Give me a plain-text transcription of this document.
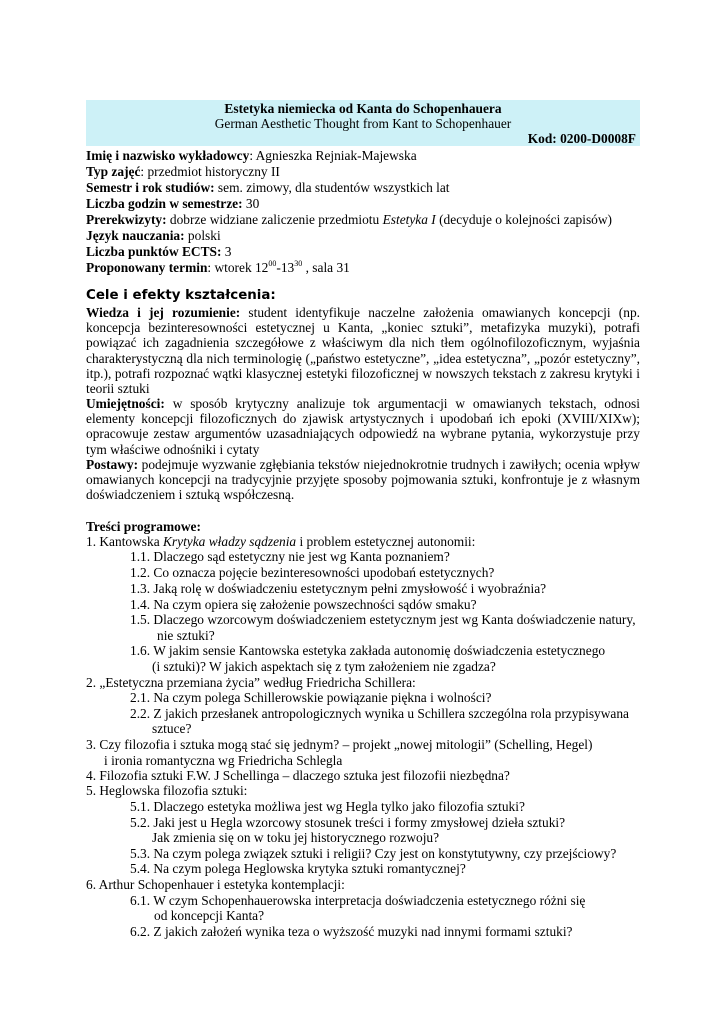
Estetyka niemiecka od Kanta do Schopenhauera
German Aesthetic Thought from Kant to Schopenhauer
Kod: 0200-D0008F
Imię i nazwisko wykładowcy: Agnieszka Rejniak-Majewska
Typ zajęć: przedmiot historyczny II
Semestr i rok studiów: sem. zimowy, dla studentów wszystkich lat
Liczba godzin w semestrze: 30
Prerekwizyty: dobrze widziane zaliczenie przedmiotu Estetyka I (decyduje o kolejności zapisów)
Język nauczania: polski
Liczba punktów ECTS: 3
Proponowany termin: wtorek $12^{00}-13^{30}$ , sala 31
Cele i efekty kształcenia:
Wiedza i jej rozumienie: student identyfikuje naczelne założenia omawianych koncepcji (np. koncepcja bezinteresowności estetycznej u Kanta, „koniec sztuki”, metafizyka muzyki), potrafi powiązać ich zagadnienia szczegółowe z właściwym dla nich tłem ogólnofilozoficznym, wyjaśnia charakterystyczną dla nich terminologię („państwo estetyczne”, „idea estetyczna”, „pozór estetyczny”, itp.), potrafi rozpoznać wątki klasycznej estetyki filozoficznej w nowszych tekstach z zakresu krytyki i teorii sztuki
Umiejętności: w sposób krytyczny analizuje tok argumentacji w omawianych tekstach, odnosi elementy koncepcji filozoficznych do zjawisk artystycznych i upodobań ich epoki (XVIII/XIXw); opracowuje zestaw argumentów uzasadniających odpowiedź na wybrane pytania, wykorzystuje przy tym właściwe odnośniki i cytaty
Postawy: podejmuje wyzwanie zgłębiania tekstów niejednokrotnie trudnych i zawiłych; ocenia wpływ omawianych koncepcji na tradycyjnie przyjęte sposoby pojmowania sztuki, konfrontuje je z własnym doświadczeniem i sztuką współczesną.
Treści programowe:
1. Kantowska Krytyka władzy sądzenia i problem estetycznej autonomii:
1.1. Dlaczego sąd estetyczny nie jest wg Kanta poznaniem?
1.2. Co oznacza pojęcie bezinteresowności upodobań estetycznych?
1.3. Jaką rolę w doświadczeniu estetycznym pełni zmysłowość i wyobraźnia?
1.4. Na czym opiera się założenie powszechności sądów smaku?
1.5. Dlaczego wzorcowym doświadczeniem estetycznym jest wg Kanta doświadczenie natury,
nie sztuki?
1.6. W jakim sensie Kantowska estetyka zakłada autonomię doświadczenia estetycznego
(i sztuki)? W jakich aspektach się z tym założeniem nie zgadza?
2. „Estetyczna przemiana życia” według Friedricha Schillera:
2.1. Na czym polega Schillerowskie powiązanie piękna i wolności?
2.2. Z jakich przesłanek antropologicznych wynika u Schillera szczególna rola przypisywana
sztuce?
3. Czy filozofia i sztuka mogą stać się jednym? – projekt „nowej mitologii” (Schelling, Hegel)
i ironia romantyczna wg Friedricha Schlegla
4. Filozofia sztuki F.W. J Schellinga – dlaczego sztuka jest filozofii niezbędna?
5. Heglowska filozofia sztuki:
5.1. Dlaczego estetyka możliwa jest wg Hegla tylko jako filozofia sztuki?
5.2. Jaki jest u Hegla wzorcowy stosunek treści i formy zmysłowej dzieła sztuki?
Jak zmienia się on w toku jej historycznego rozwoju?
5.3. Na czym polega związek sztuki i religii? Czy jest on konstytutywny, czy przejściowy?
5.4. Na czym polega Heglowska krytyka sztuki romantycznej?
6. Arthur Schopenhauer i estetyka kontemplacji:
6.1. W czym Schopenhauerowska interpretacja doświadczenia estetycznego różni się
od koncepcji Kanta?
6.2. Z jakich założeń wynika teza o wyższość muzyki nad innymi formami sztuki?
